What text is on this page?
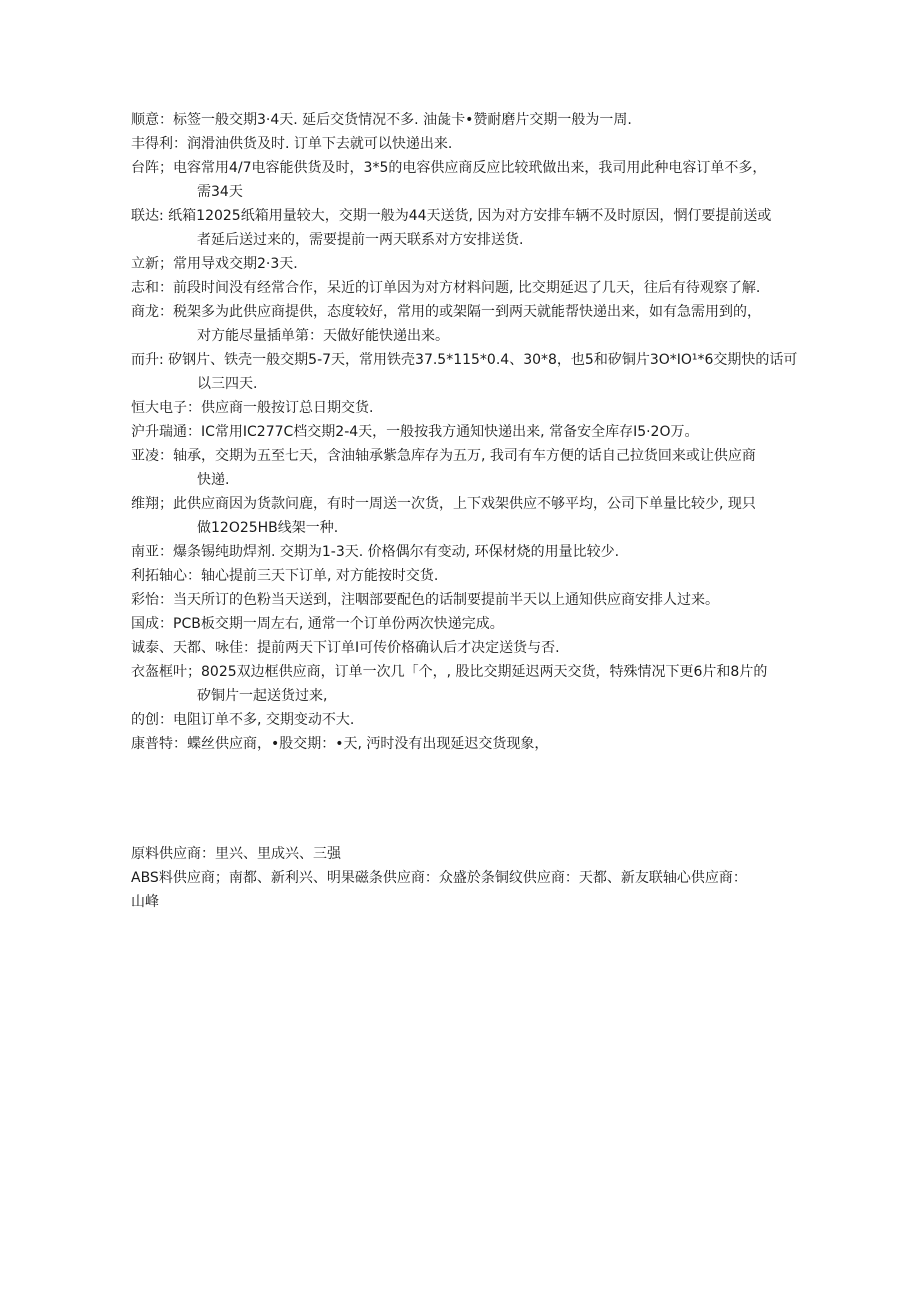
顺意：标签一般交期3·4天. 延后交货情况不多. 油彘卡•赞耐磨片交期一般为一周.
丰得利：润滑油供货及时. 订单下去就可以快递出来.
台阵；电容常用4/7电容能供货及时，3*5的电容供应商反应比较玳做出来，我司用此种电容订单不多，
需34天
联达: 纸箱12025纸箱用量较大，交期一般为44天送货, 因为对方安排车辆不及时原因，惘仃要提前送或
者延后送过来的，需要提前一两天联系对方安排送货.
立新；常用导戏交期2·3天.
志和：前段时间没有经常合作，呆近的订单因为对方材料问题, 比交期延迟了几天，往后有待观察了解.
商龙：税架多为此供应商提供，态度较好，常用的或架隔一到两天就能帮快递出来，如有急需用到的，
对方能尽量插单第：天做好能快递出来。
而升: 矽钢片、铁壳一般交期5-7天，常用铁壳37.5*115*0.4、30*8，也5和矽铜片3O*IO¹*6交期快的话可
以三四天.
恒大电子：供应商一般按订总日期交货.
沪升瑞通：IC常用IC277C档交期2-4天，一般按我方通知快递出来, 常备安全库存I5·2O万。
亚凌：轴承，交期为五至七天，含油轴承紫急库存为五万, 我司有车方便的话自己拉货回来或让供应商
快递.
维翔；此供应商因为货款问鹿，有时一周送一次货，上下戏架供应不够平均，公司下单量比较少, 现只
做12O25HB线架一种.
南亚：爆条锡纯助焊剂. 交期为1-3天. 价格偶尔有变动, 环保材烧的用量比较少.
利拓轴心：轴心提前三天下订单, 对方能按时交货.
彩怡：当天所订的色粉当天送到，注咽部要配色的话制要提前半天以上通知供应商安排人过来。
国成：PCB板交期一周左右, 通常一个订单份两次快递完成。
诚泰、天都、咏佳：提前两天下订单I可传价格确认后才决定送货与否.
衣盔框叶；8025双边框供应商，订单一次几「个，, 股比交期延迟两天交货，特殊情况下更6片和8片的
矽铜片一起送货过来,
的创：电阻订单不多, 交期变动不大.
康普特：蝶丝供应商，•股交期：•天, 沔时没有出现延迟交货现象，
原料供应商：里兴、里成兴、三强
ABS料供应商；南都、新利兴、明果磁条供应商：众盛於条铜纹供应商：天都、新友联轴心供应商：
山峰
